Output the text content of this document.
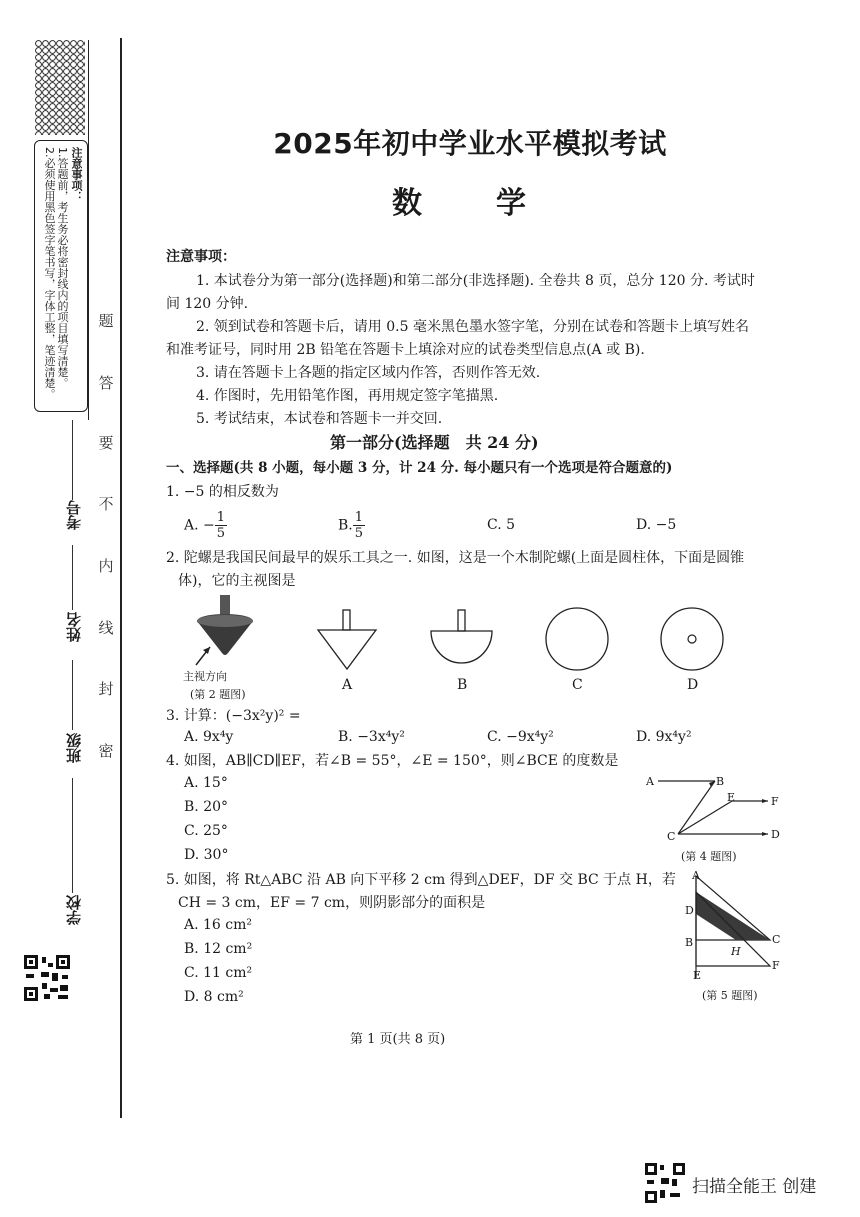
注意事项：
1.答题前，考生务必将密封线内的项目填写清楚。
2.必须使用黑色签字笔书写，字体工整，笔迹清楚。	题
答
要
不
内
线
封
密
考号
姓名
班级
学校
2025年初中学业水平模拟考试
数　学
注意事项：
1. 本试卷分为第一部分(选择题)和第二部分(非选择题). 全卷共 8 页，总分 120 分. 考试时
间 120 分钟.
2. 领到试卷和答题卡后，请用 0.5 毫米黑色墨水签字笔，分别在试卷和答题卡上填写姓名
和准考证号，同时用 2B 铅笔在答题卡上填涂对应的试卷类型信息点(A 或 B).
3. 请在答题卡上各题的指定区域内作答，否则作答无效.
4. 作图时，先用铅笔作图，再用规定签字笔描黑.
5. 考试结束，本试卷和答题卡一并交回.
第一部分(选择题　共 24 分)
一、选择题(共 8 小题，每小题 3 分，计 24 分. 每小题只有一个选项是符合题意的)
1. −5 的相反数为
A. − $\frac{1}{5}$	B. $\frac{1}{5}$	C. 5	D. −5
2. 陀螺是我国民间最早的娱乐工具之一. 如图，这是一个木制陀螺(上面是圆柱体，下面是圆锥
体)，它的主视图是
主视方向
(第 2 题图)
A	B	C	D
3. 计算：(−3x²y)² =
A. 9x⁴y	B. −3x⁴y²	C. −9x⁴y²	D. 9x⁴y²
4. 如图，AB∥CD∥EF，若∠B = 55°，∠E = 150°，则∠BCE 的度数是
A. 15°
B. 20°
C. 25°
D. 30°
A	B
E	F
C	D
(第 4 题图)
5. 如图，将 Rt△ABC 沿 AB 向下平移 2 cm 得到△DEF，DF 交 BC 于点 H，若
CH = 3 cm，EF = 7 cm，则阴影部分的面积是
A. 16 cm²
B. 12 cm²
C. 11 cm²
D. 8 cm²
A
D
B
H
C
E
F
(第 5 题图)
第 1 页(共 8 页)
扫描全能王 创建
